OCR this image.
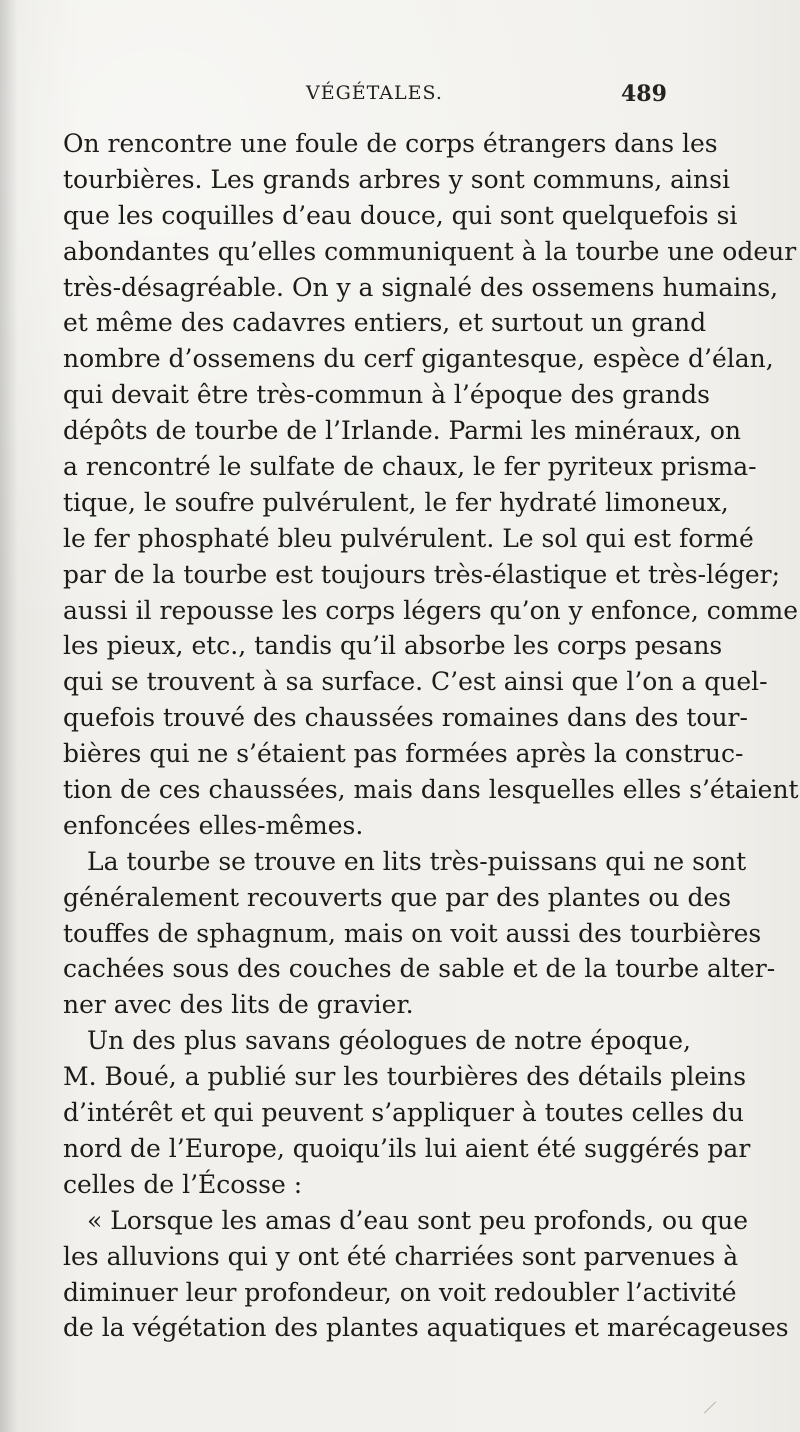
VÉGÉTALES.	489
On rencontre une foule de corps étrangers dans les
tourbières. Les grands arbres y sont communs, ainsi
que les coquilles d’eau douce, qui sont quelquefois si
abondantes qu’elles communiquent à la tourbe une odeur
très-désagréable. On y a signalé des ossemens humains,
et même des cadavres entiers, et surtout un grand
nombre d’ossemens du cerf gigantesque, espèce d’élan,
qui devait être très-commun à l’époque des grands
dépôts de tourbe de l’Irlande. Parmi les minéraux, on
a rencontré le sulfate de chaux, le fer pyriteux prisma-
tique, le soufre pulvérulent, le fer hydraté limoneux,
le fer phosphaté bleu pulvérulent. Le sol qui est formé
par de la tourbe est toujours très-élastique et très-léger;
aussi il repousse les corps légers qu’on y enfonce, comme
les pieux, etc., tandis qu’il absorbe les corps pesans
qui se trouvent à sa surface. C’est ainsi que l’on a quel-
quefois trouvé des chaussées romaines dans des tour-
bières qui ne s’étaient pas formées après la construc-
tion de ces chaussées, mais dans lesquelles elles s’étaient
enfoncées elles-mêmes.
La tourbe se trouve en lits très-puissans qui ne sont
généralement recouverts que par des plantes ou des
touffes de sphagnum, mais on voit aussi des tourbières
cachées sous des couches de sable et de la tourbe alter-
ner avec des lits de gravier.
Un des plus savans géologues de notre époque,
M. Boué, a publié sur les tourbières des détails pleins
d’intérêt et qui peuvent s’appliquer à toutes celles du
nord de l’Europe, quoiqu’ils lui aient été suggérés par
celles de l’Écosse :
« Lorsque les amas d’eau sont peu profonds, ou que
les alluvions qui y ont été charriées sont parvenues à
diminuer leur profondeur, on voit redoubler l’activité
de la végétation des plantes aquatiques et marécageuses
